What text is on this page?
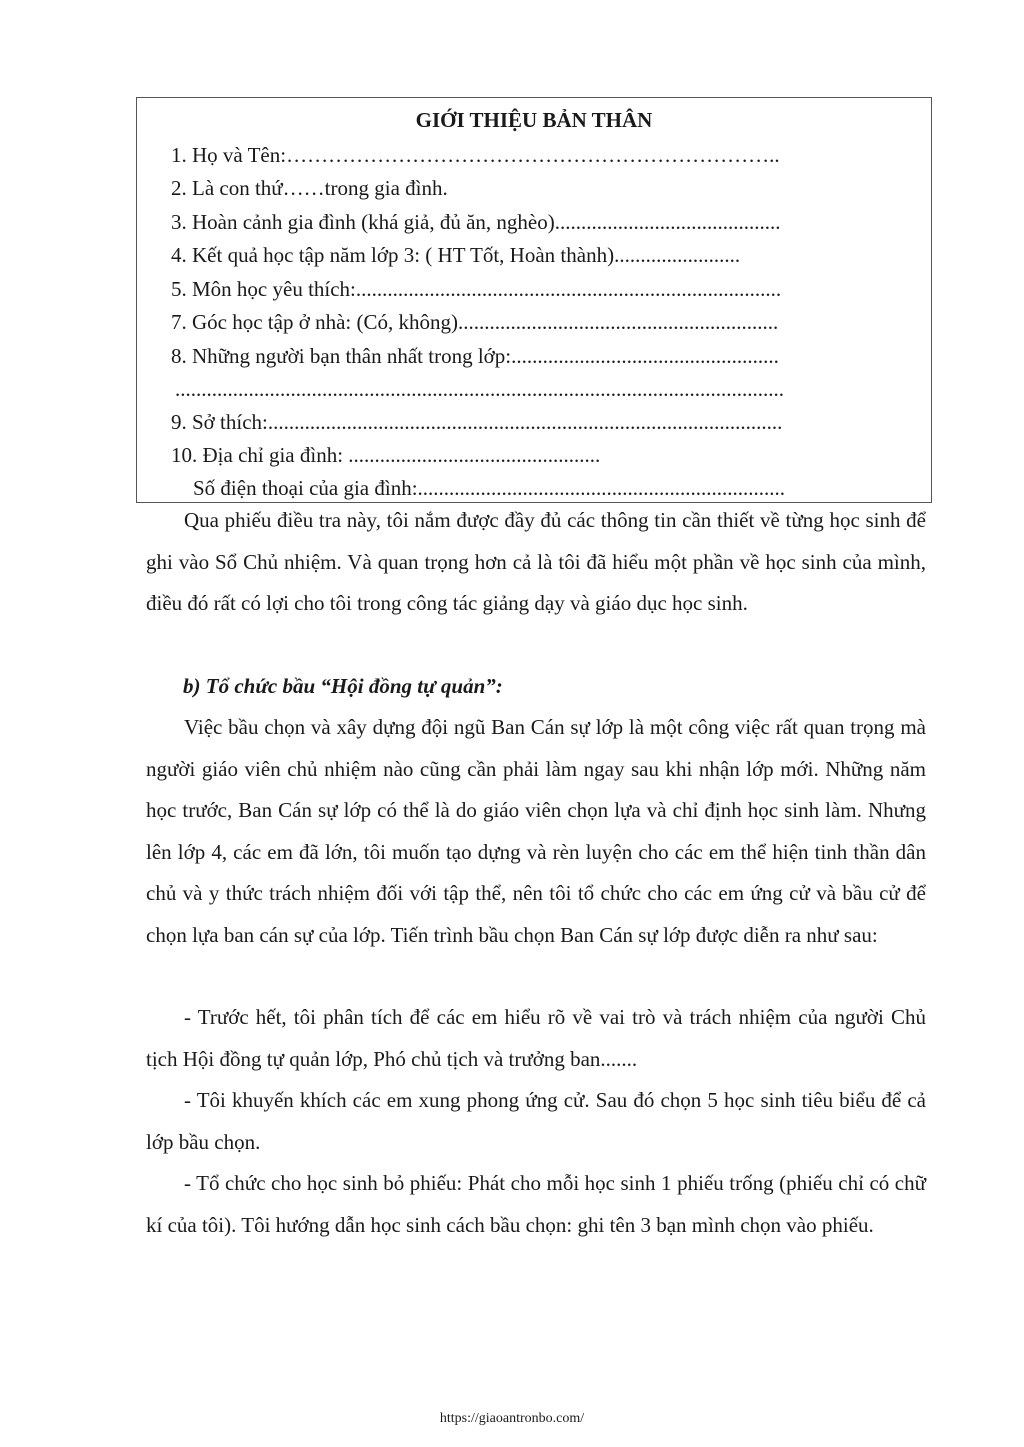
GIỚI THIỆU BẢN THÂN
1. Họ và Tên:……………………………………………………………..
2. Là con thứ……trong gia đình.
3. Hoàn cảnh gia đình (khá giả, đủ ăn, nghèo)...........................................
4. Kết quả học tập năm lớp 3: ( HT Tốt, Hoàn thành)........................
5. Môn học yêu thích:.................................................................................
7. Góc học tập ở nhà: (Có, không).............................................................
8. Những người bạn thân nhất trong lớp:...................................................
....................................................................................................................
9. Sở thích:..................................................................................................
10. Địa chỉ gia đình: ................................................
Số điện thoại của gia đình:......................................................................

Qua phiếu điều tra này, tôi nắm được đầy đủ các thông tin cần thiết về từng học sinh để ghi vào Sổ Chủ nhiệm. Và quan trọng hơn cả là tôi đã hiểu một phần về học sinh của mình, điều đó rất có lợi cho tôi trong công tác giảng dạy và giáo dục học sinh.

b) Tổ chức bầu “Hội đồng tự quản”:

Việc bầu chọn và xây dựng đội ngũ Ban Cán sự lớp là một công việc rất quan trọng mà người giáo viên chủ nhiệm nào cũng cần phải làm ngay sau khi nhận lớp mới. Những năm học trước, Ban Cán sự lớp có thể là do giáo viên chọn lựa và chỉ định học sinh làm. Nhưng lên lớp 4, các em đã lớn, tôi muốn tạo dựng và rèn luyện cho các em thể hiện tinh thần dân chủ và y thức trách nhiệm đối với tập thể, nên tôi tổ chức cho các em ứng cử và bầu cử để chọn lựa ban cán sự của lớp. Tiến trình bầu chọn Ban Cán sự lớp được diễn ra như sau:

- Trước hết, tôi phân tích để các em hiểu rõ về vai trò và trách nhiệm của người Chủ tịch Hội đồng tự quản lớp, Phó chủ tịch và trưởng ban.......

- Tôi khuyến khích các em xung phong ứng cử. Sau đó chọn 5 học sinh tiêu biểu để cả lớp bầu chọn.

- Tổ chức cho học sinh bỏ phiếu: Phát cho mỗi học sinh 1 phiếu trống (phiếu chỉ có chữ kí của tôi). Tôi hướng dẫn học sinh cách bầu chọn: ghi tên 3 bạn mình chọn vào phiếu.

https://giaoantronbo.com/
